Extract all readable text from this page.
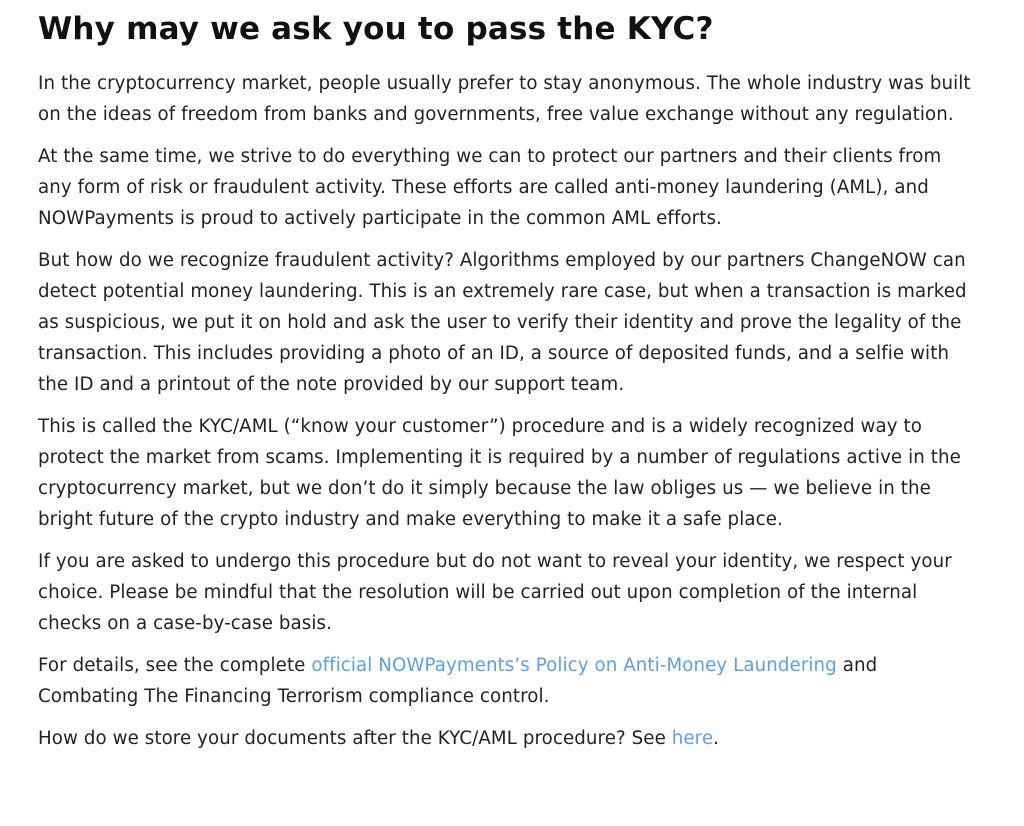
Why may we ask you to pass the KYC?

In the cryptocurrency market, people usually prefer to stay anonymous. The whole industry was built on the ideas of freedom from banks and governments, free value exchange without any regulation.

At the same time, we strive to do everything we can to protect our partners and their clients from any form of risk or fraudulent activity. These efforts are called anti-money laundering (AML), and NOWPayments is proud to actively participate in the common AML efforts.

But how do we recognize fraudulent activity? Algorithms employed by our partners ChangeNOW can detect potential money laundering. This is an extremely rare case, but when a transaction is marked as suspicious, we put it on hold and ask the user to verify their identity and prove the legality of the transaction. This includes providing a photo of an ID, a source of deposited funds, and a selfie with the ID and a printout of the note provided by our support team.

This is called the KYC/AML (“know your customer”) procedure and is a widely recognized way to protect the market from scams. Implementing it is required by a number of regulations active in the cryptocurrency market, but we don’t do it simply because the law obliges us — we believe in the bright future of the crypto industry and make everything to make it a safe place.

If you are asked to undergo this procedure but do not want to reveal your identity, we respect your choice. Please be mindful that the resolution will be carried out upon completion of the internal checks on a case-by-case basis.

For details, see the complete official NOWPayments’s Policy on Anti-Money Laundering and Combating The Financing Terrorism compliance control.

How do we store your documents after the KYC/AML procedure? See here.
